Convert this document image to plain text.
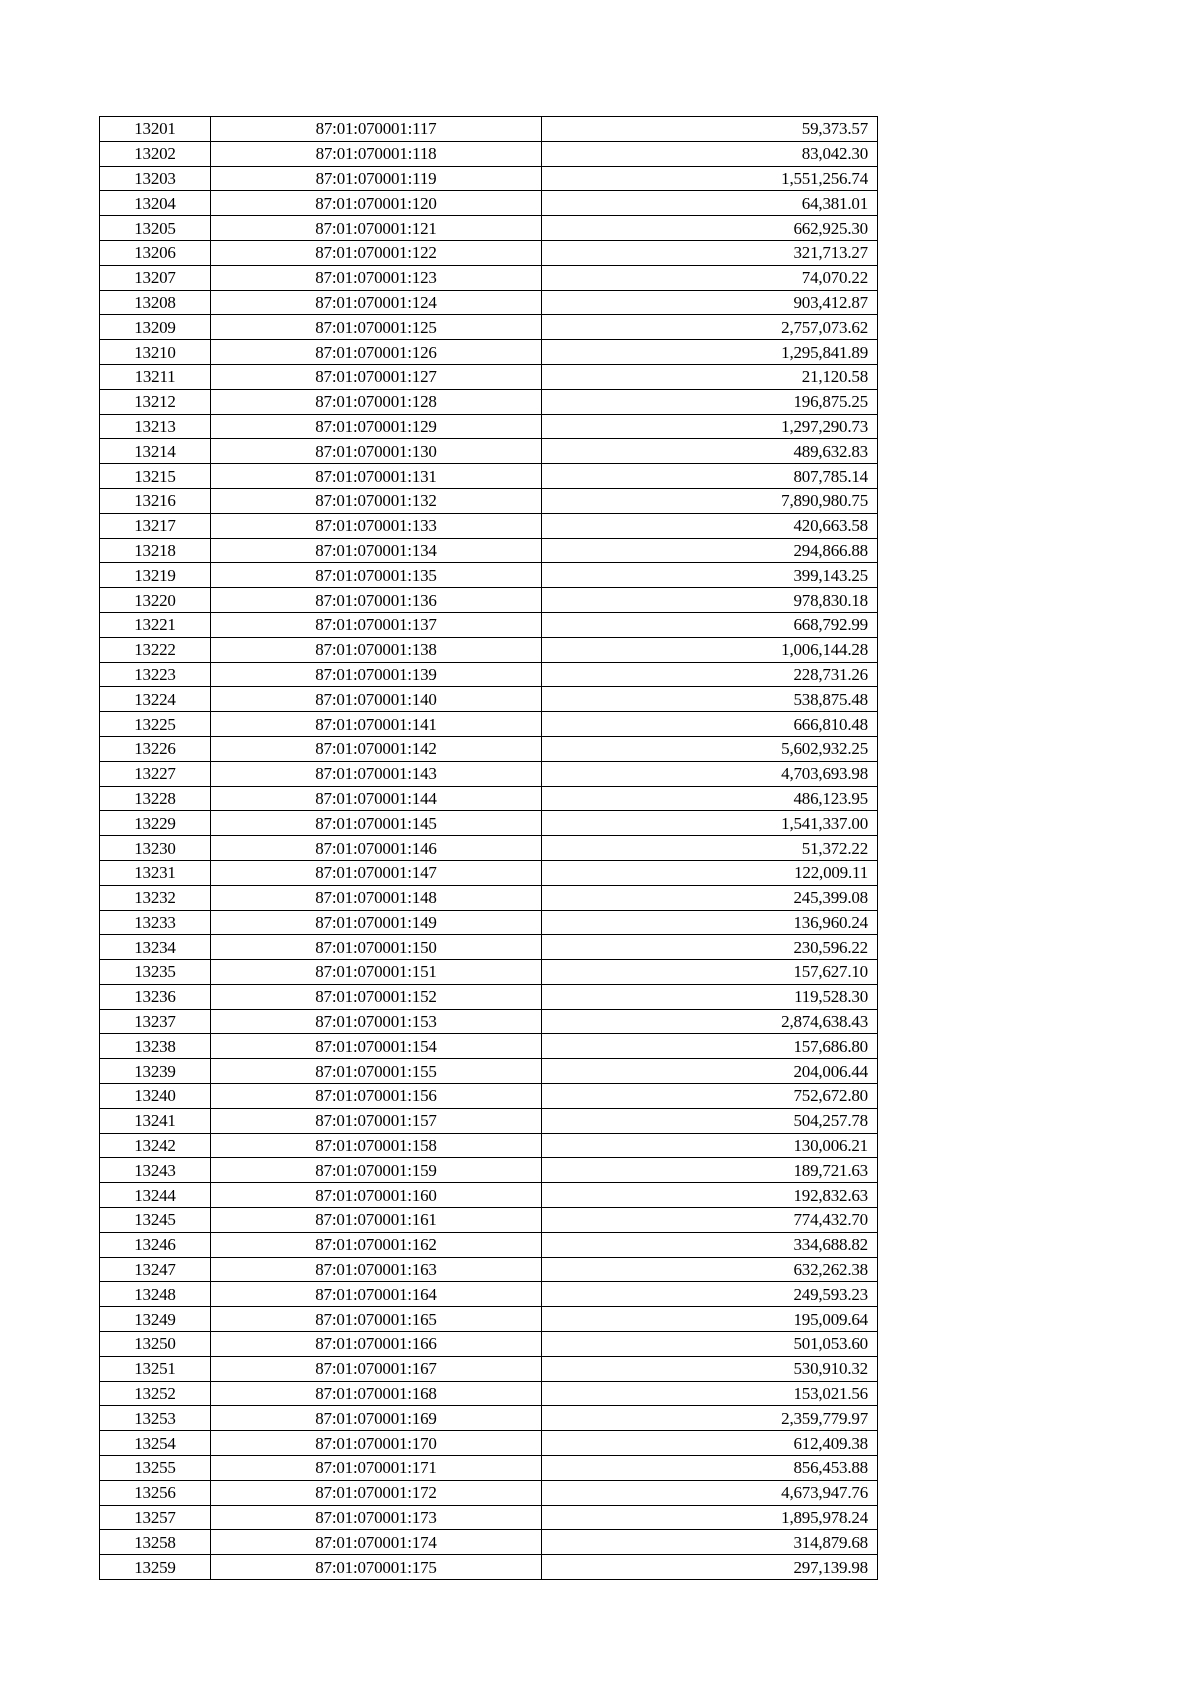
13201	87:01:070001:117	59,373.57
13202	87:01:070001:118	83,042.30
13203	87:01:070001:119	1,551,256.74
13204	87:01:070001:120	64,381.01
13205	87:01:070001:121	662,925.30
13206	87:01:070001:122	321,713.27
13207	87:01:070001:123	74,070.22
13208	87:01:070001:124	903,412.87
13209	87:01:070001:125	2,757,073.62
13210	87:01:070001:126	1,295,841.89
13211	87:01:070001:127	21,120.58
13212	87:01:070001:128	196,875.25
13213	87:01:070001:129	1,297,290.73
13214	87:01:070001:130	489,632.83
13215	87:01:070001:131	807,785.14
13216	87:01:070001:132	7,890,980.75
13217	87:01:070001:133	420,663.58
13218	87:01:070001:134	294,866.88
13219	87:01:070001:135	399,143.25
13220	87:01:070001:136	978,830.18
13221	87:01:070001:137	668,792.99
13222	87:01:070001:138	1,006,144.28
13223	87:01:070001:139	228,731.26
13224	87:01:070001:140	538,875.48
13225	87:01:070001:141	666,810.48
13226	87:01:070001:142	5,602,932.25
13227	87:01:070001:143	4,703,693.98
13228	87:01:070001:144	486,123.95
13229	87:01:070001:145	1,541,337.00
13230	87:01:070001:146	51,372.22
13231	87:01:070001:147	122,009.11
13232	87:01:070001:148	245,399.08
13233	87:01:070001:149	136,960.24
13234	87:01:070001:150	230,596.22
13235	87:01:070001:151	157,627.10
13236	87:01:070001:152	119,528.30
13237	87:01:070001:153	2,874,638.43
13238	87:01:070001:154	157,686.80
13239	87:01:070001:155	204,006.44
13240	87:01:070001:156	752,672.80
13241	87:01:070001:157	504,257.78
13242	87:01:070001:158	130,006.21
13243	87:01:070001:159	189,721.63
13244	87:01:070001:160	192,832.63
13245	87:01:070001:161	774,432.70
13246	87:01:070001:162	334,688.82
13247	87:01:070001:163	632,262.38
13248	87:01:070001:164	249,593.23
13249	87:01:070001:165	195,009.64
13250	87:01:070001:166	501,053.60
13251	87:01:070001:167	530,910.32
13252	87:01:070001:168	153,021.56
13253	87:01:070001:169	2,359,779.97
13254	87:01:070001:170	612,409.38
13255	87:01:070001:171	856,453.88
13256	87:01:070001:172	4,673,947.76
13257	87:01:070001:173	1,895,978.24
13258	87:01:070001:174	314,879.68
13259	87:01:070001:175	297,139.98
